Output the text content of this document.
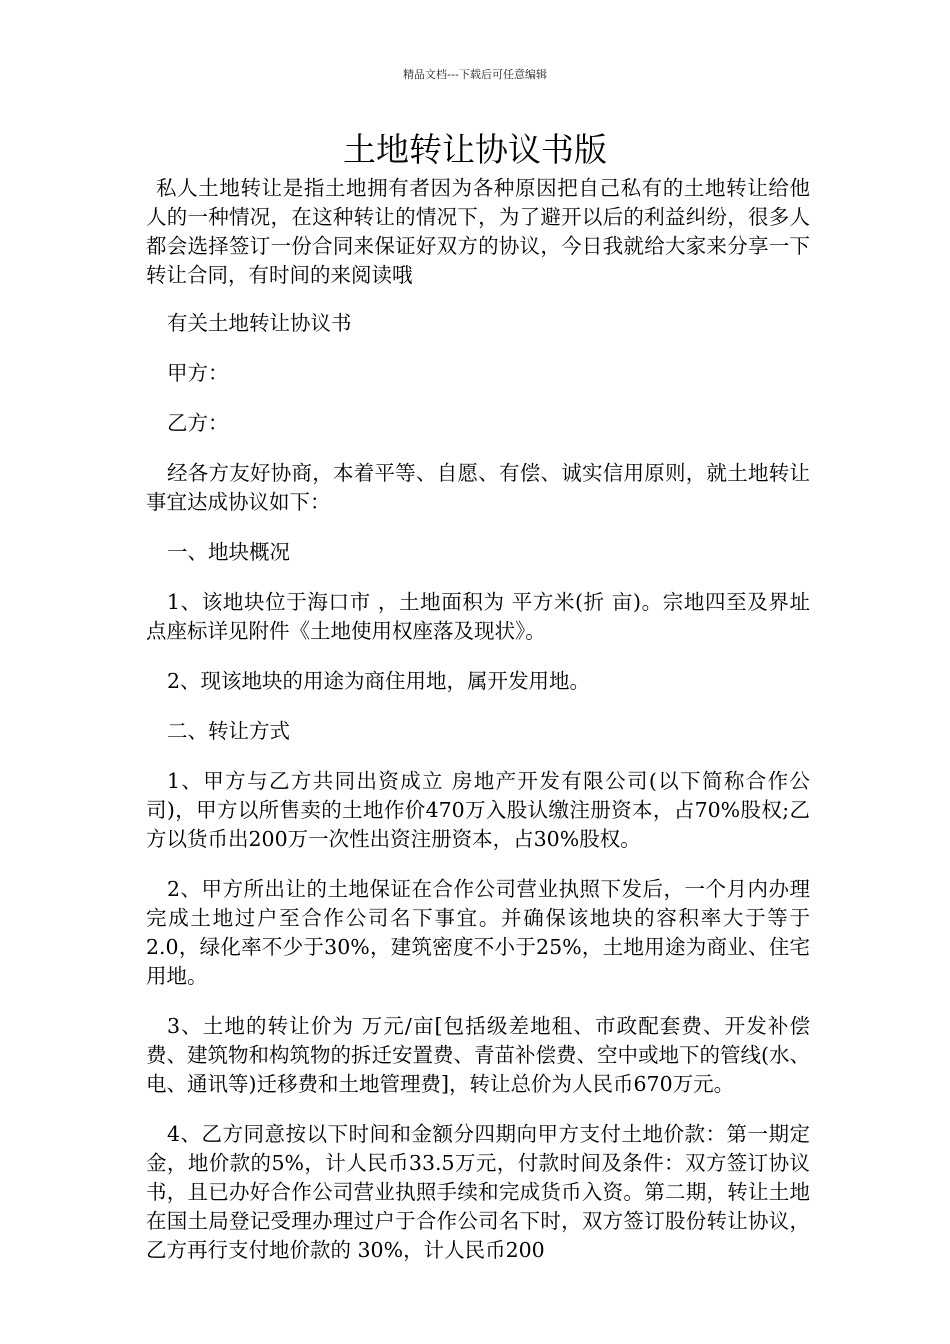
精品文档---下载后可任意编辑
土地转让协议书版

私人土地转让是指土地拥有者因为各种原因把自己私有的土地转让给他人的一种情况，在这种转让的情况下，为了避开以后的利益纠纷，很多人都会选择签订一份合同来保证好双方的协议，今日我就给大家来分享一下转让合同，有时间的来阅读哦

有关土地转让协议书

甲方：

乙方：

经各方友好协商，本着平等、自愿、有偿、诚实信用原则，就土地转让事宜达成协议如下：

一、地块概况

1、该地块位于海口市 ，土地面积为 平方米(折 亩)。宗地四至及界址点座标详见附件《土地使用权座落及现状》。

2、现该地块的用途为商住用地，属开发用地。

二、转让方式

1、甲方与乙方共同出资成立 房地产开发有限公司(以下简称合作公司)，甲方以所售卖的土地作价470万入股认缴注册资本，占70%股权;乙方以货币出200万一次性出资注册资本，占30%股权。

2、甲方所出让的土地保证在合作公司营业执照下发后，一个月内办理完成土地过户至合作公司名下事宜。并确保该地块的容积率大于等于2.0，绿化率不少于30%，建筑密度不小于25%，土地用途为商业、住宅用地。

3、土地的转让价为 万元/亩[包括级差地租、市政配套费、开发补偿费、建筑物和构筑物的拆迁安置费、青苗补偿费、空中或地下的管线(水、电、通讯等)迁移费和土地管理费]，转让总价为人民币670万元。

4、乙方同意按以下时间和金额分四期向甲方支付土地价款：第一期定金，地价款的5%，计人民币33.5万元，付款时间及条件：双方签订协议书，且已办好合作公司营业执照手续和完成货币入资。第二期，转让土地在国土局登记受理办理过户于合作公司名下时，双方签订股份转让协议，乙方再行支付地价款的 30%，计人民币200
